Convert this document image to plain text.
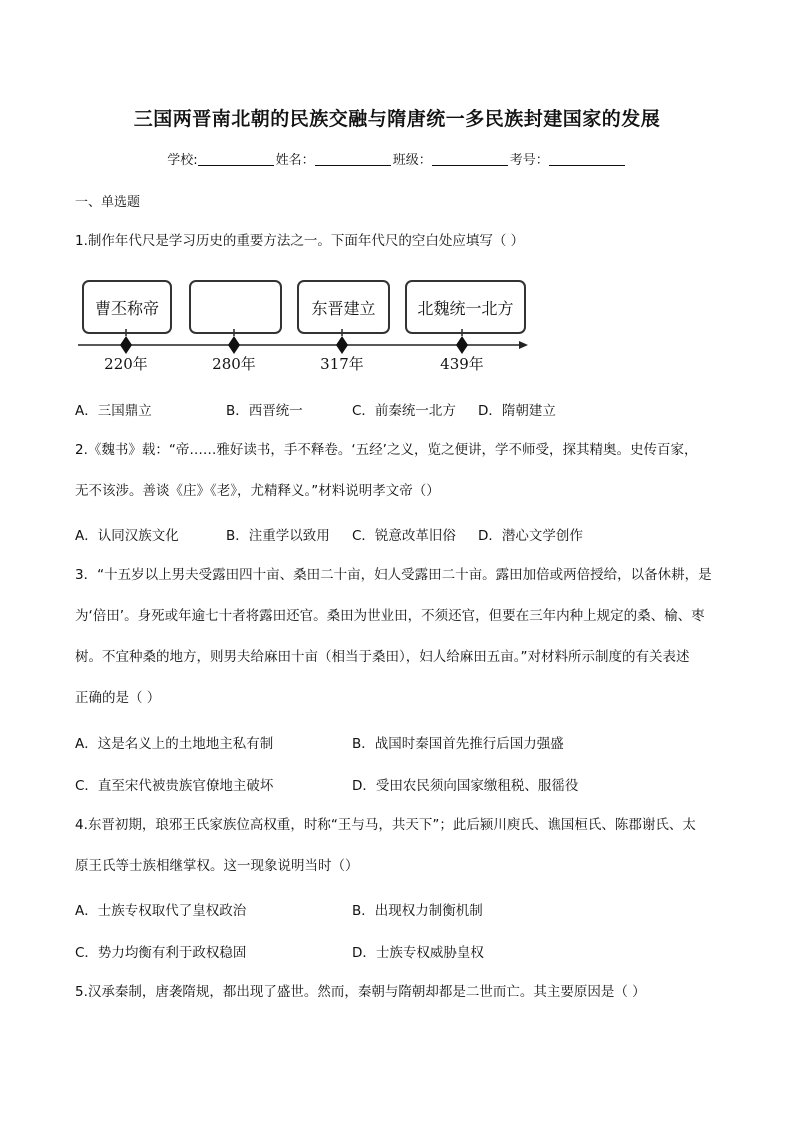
三国两晋南北朝的民族交融与隋唐统一多民族封建国家的发展
学校:	姓名：	班级：	考号：
一、单选题
1.制作年代尺是学习历史的重要方法之一。下面年代尺的空白处应填写（ ）
曹丕称帝	东晋建立	北魏统一北方
220年	280年	317年	439年
A．三国鼎立	B．西晋统一	C．前秦统一北方 D．隋朝建立
2.《魏书》载：“帝……雅好读书，手不释卷。‘五经’之义，览之便讲，学不师受，探其精奥。史传百家，
无不该涉。善谈《庄》《老》，尤精释义。”材料说明孝文帝（）
A．认同汉族文化	B．注重学以致用 C．锐意改革旧俗 D．潜心文学创作
3．“十五岁以上男夫受露田四十亩、桑田二十亩，妇人受露田二十亩。露田加倍或两倍授给，以备休耕，是
为‘倍田’。身死或年逾七十者将露田还官。桑田为世业田，不须还官，但要在三年内种上规定的桑、榆、枣
树。不宜种桑的地方，则男夫给麻田十亩（相当于桑田），妇人给麻田五亩。”对材料所示制度的有关表述
正确的是（ ）
A．这是名义上的土地地主私有制	B．战国时秦国首先推行后国力强盛
C．直至宋代被贵族官僚地主破坏	D．受田农民须向国家缴租税、服徭役
4.东晋初期，琅邪王氏家族位高权重，时称“王与马，共天下”；此后颍川庾氏、谯国桓氏、陈郡谢氏、太
原王氏等士族相继掌权。这一现象说明当时（）
A．士族专权取代了皇权政治	B．出现权力制衡机制
C．势力均衡有利于政权稳固	D．士族专权威胁皇权
5.汉承秦制，唐袭隋规，都出现了盛世。然而，秦朝与隋朝却都是二世而亡。其主要原因是（ ）
